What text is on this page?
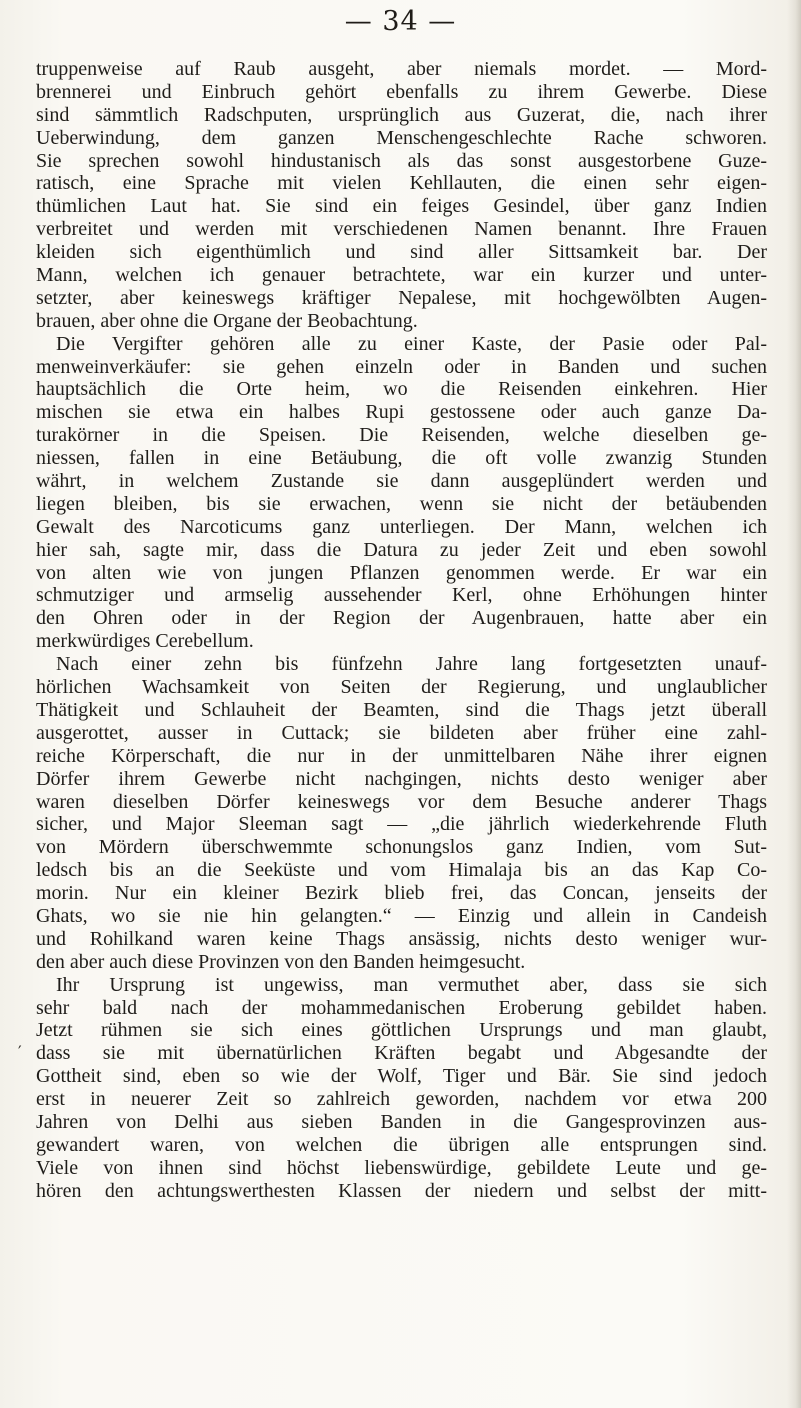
— 34 —
truppenweise auf Raub ausgeht, aber niemals mordet. — Mord-
brennerei und Einbruch gehört ebenfalls zu ihrem Gewerbe. Diese
sind sämmtlich Radschputen, ursprünglich aus Guzerat, die, nach ihrer
Ueberwindung, dem ganzen Menschengeschlechte Rache schworen.
Sie sprechen sowohl hindustanisch als das sonst ausgestorbene Guze-
ratisch, eine Sprache mit vielen Kehllauten, die einen sehr eigen-
thümlichen Laut hat. Sie sind ein feiges Gesindel, über ganz Indien
verbreitet und werden mit verschiedenen Namen benannt. Ihre Frauen
kleiden sich eigenthümlich und sind aller Sittsamkeit bar. Der
Mann, welchen ich genauer betrachtete, war ein kurzer und unter-
setzter, aber keineswegs kräftiger Nepalese, mit hochgewölbten Augen-
brauen, aber ohne die Organe der Beobachtung.
Die Vergifter gehören alle zu einer Kaste, der Pasie oder Pal-
menweinverkäufer: sie gehen einzeln oder in Banden und suchen
hauptsächlich die Orte heim, wo die Reisenden einkehren. Hier
mischen sie etwa ein halbes Rupi gestossene oder auch ganze Da-
turakörner in die Speisen. Die Reisenden, welche dieselben ge-
niessen, fallen in eine Betäubung, die oft volle zwanzig Stunden
währt, in welchem Zustande sie dann ausgeplündert werden und
liegen bleiben, bis sie erwachen, wenn sie nicht der betäubenden
Gewalt des Narcoticums ganz unterliegen. Der Mann, welchen ich
hier sah, sagte mir, dass die Datura zu jeder Zeit und eben sowohl
von alten wie von jungen Pflanzen genommen werde. Er war ein
schmutziger und armselig aussehender Kerl, ohne Erhöhungen hinter
den Ohren oder in der Region der Augenbrauen, hatte aber ein
merkwürdiges Cerebellum.
Nach einer zehn bis fünfzehn Jahre lang fortgesetzten unauf-
hörlichen Wachsamkeit von Seiten der Regierung, und unglaublicher
Thätigkeit und Schlauheit der Beamten, sind die Thags jetzt überall
ausgerottet, ausser in Cuttack; sie bildeten aber früher eine zahl-
reiche Körperschaft, die nur in der unmittelbaren Nähe ihrer eignen
Dörfer ihrem Gewerbe nicht nachgingen, nichts desto weniger aber
waren dieselben Dörfer keineswegs vor dem Besuche anderer Thags
sicher, und Major Sleeman sagt — „die jährlich wiederkehrende Fluth
von Mördern überschwemmte schonungslos ganz Indien, vom Sut-
ledsch bis an die Seeküste und vom Himalaja bis an das Kap Co-
morin. Nur ein kleiner Bezirk blieb frei, das Concan, jenseits der
Ghats, wo sie nie hin gelangten.“ — Einzig und allein in Candeish
und Rohilkand waren keine Thags ansässig, nichts desto weniger wur-
den aber auch diese Provinzen von den Banden heimgesucht.
Ihr Ursprung ist ungewiss, man vermuthet aber, dass sie sich
sehr bald nach der mohammedanischen Eroberung gebildet haben.
Jetzt rühmen sie sich eines göttlichen Ursprungs und man glaubt,
dass sie mit übernatürlichen Kräften begabt und Abgesandte der
Gottheit sind, eben so wie der Wolf, Tiger und Bär. Sie sind jedoch
erst in neuerer Zeit so zahlreich geworden, nachdem vor etwa 200
Jahren von Delhi aus sieben Banden in die Gangesprovinzen aus-
gewandert waren, von welchen die übrigen alle entsprungen sind.
Viele von ihnen sind höchst liebenswürdige, gebildete Leute und ge-
hören den achtungswerthesten Klassen der niedern und selbst der mitt-
′
